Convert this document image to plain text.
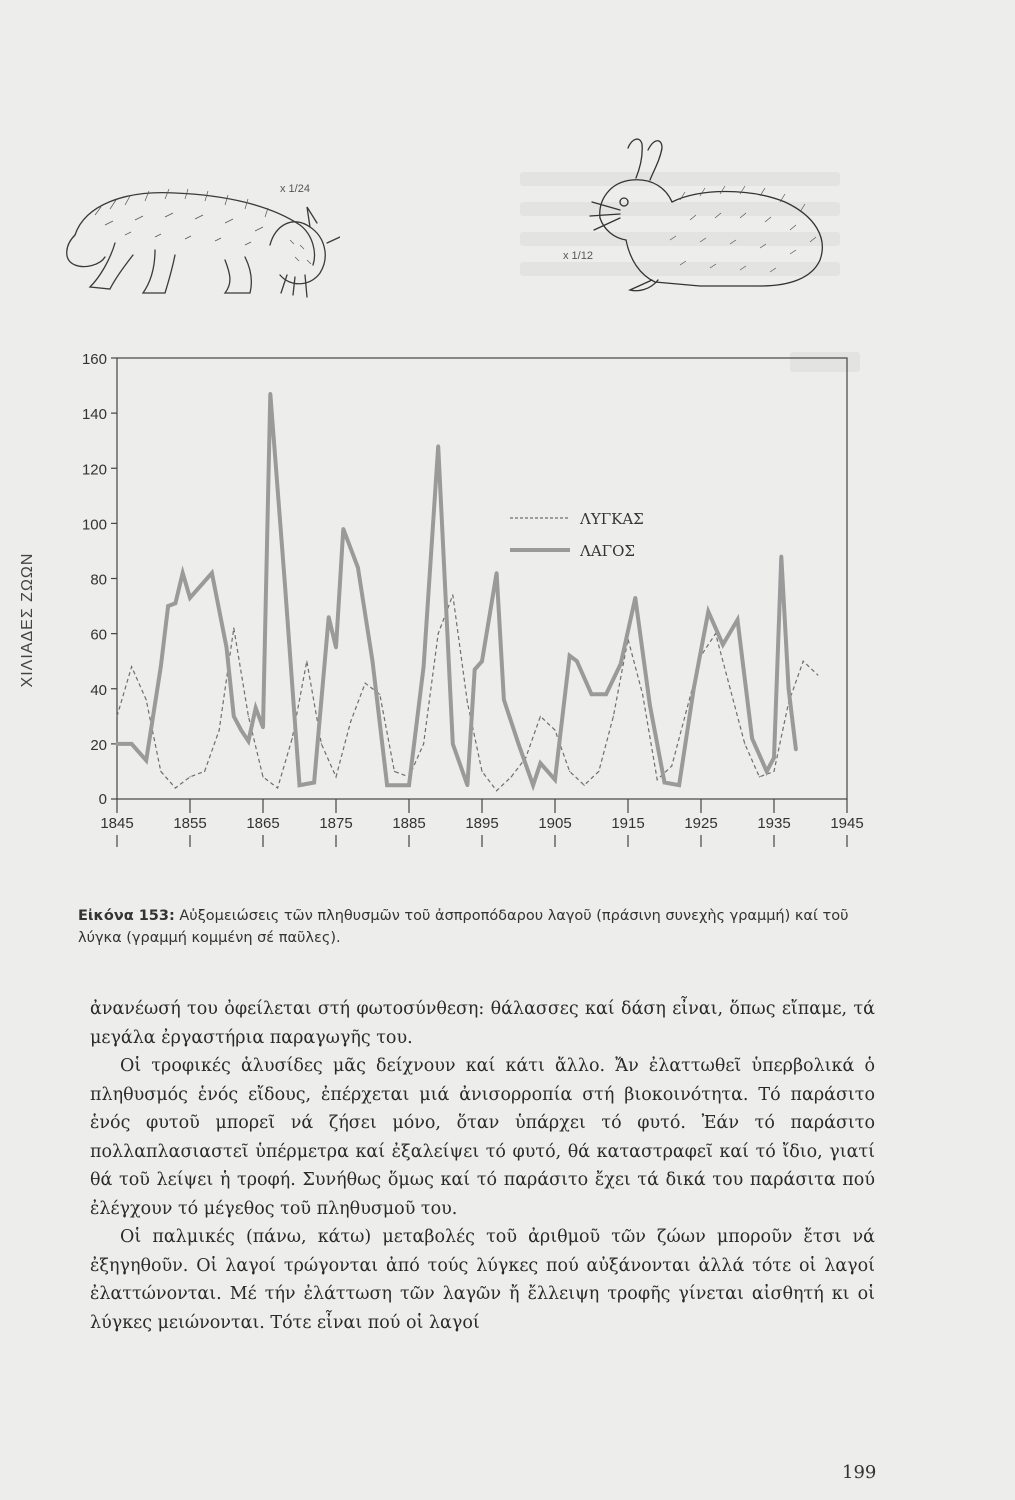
x 1/24
x 1/12
ΧΙΛΙΑΔΕΣ ΖΩΩΝ
0
20
40
60
80
100
120
140
160
1845	1855	1865	1875	1885	1895	1905	1915	1925	1935	1945
ΛΥΓΚΑΣ
ΛΑΓΟΣ
Εἰκόνα 153: Αὐξομειώσεις τῶν πληθυσμῶν τοῦ ἀσπροπόδαρου λαγοῦ (πράσινη συνεχὴς γραμμή) καί τοῦ λύγκα (γραμμή κομμένη σέ παῦλες).

ἀνανέωσή του ὀφείλεται στή φωτοσύνθεση: θάλασσες καί δάση εἶναι, ὅπως εἴπαμε, τά μεγάλα ἐργαστήρια παραγωγῆς του.

Οἱ τροφικές ἁλυσίδες μᾶς δείχνουν καί κάτι ἄλλο. Ἄν ἐλαττωθεῖ ὑπερβολικά ὁ πληθυσμός ἑνός εἴδους, ἐπέρχεται μιά ἀνισορροπία στή βιοκοινότητα. Τό παράσιτο ἑνός φυτοῦ μπορεῖ νά ζήσει μόνο, ὅταν ὑπάρχει τό φυτό. Ἐάν τό παράσιτο πολλαπλασιαστεῖ ὑπέρμετρα καί ἐξαλείψει τό φυτό, θά καταστραφεῖ καί τό ἴδιο, γιατί θά τοῦ λείψει ἡ τροφή. Συνήθως ὅμως καί τό παράσιτο ἔχει τά δικά του παράσιτα πού ἐλέγχουν τό μέγεθος τοῦ πληθυσμοῦ του.

Οἱ παλμικές (πάνω, κάτω) μεταβολές τοῦ ἀριθμοῦ τῶν ζώων μποροῦν ἔτσι νά ἐξηγηθοῦν. Οἱ λαγοί τρώγονται ἀπό τούς λύγκες πού αὐξάνονται ἀλλά τότε οἱ λαγοί ἐλαττώνονται. Μέ τήν ἐλάττωση τῶν λαγῶν ἤ ἔλλειψη τροφῆς γίνεται αἰσθητή κι οἱ λύγκες μειώνονται. Τότε εἶναι πού οἱ λαγοί

199
